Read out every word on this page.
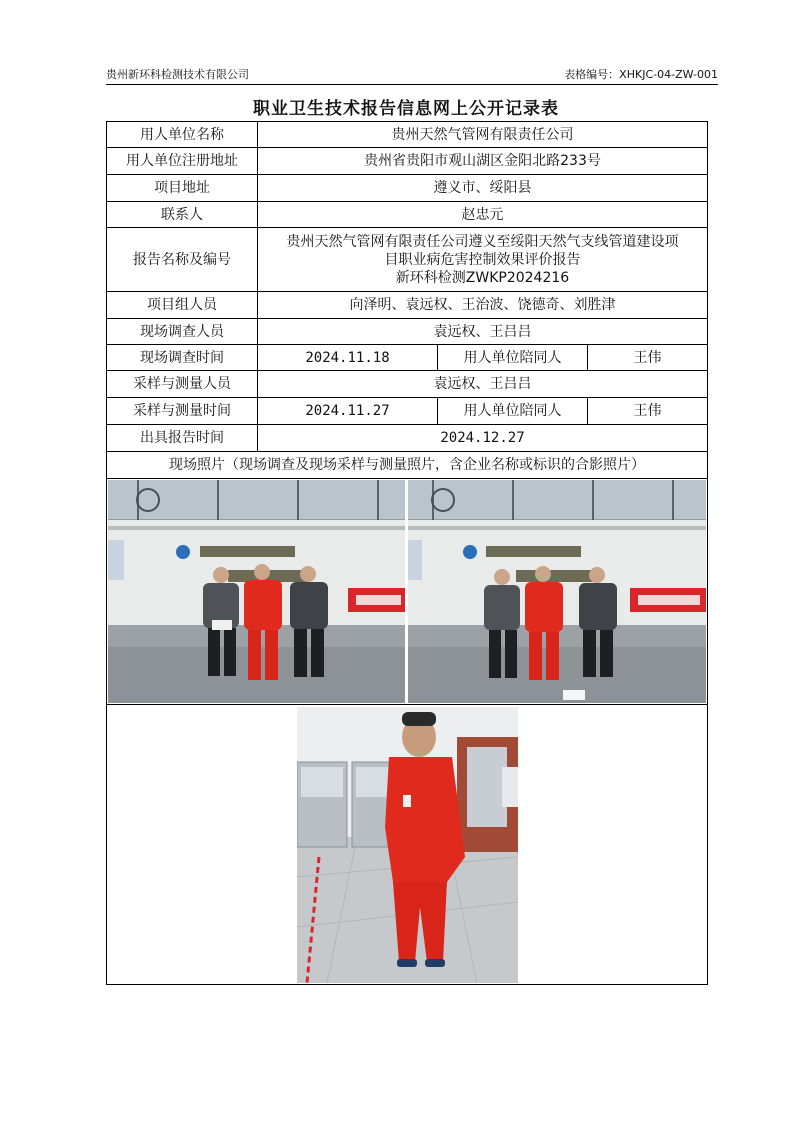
贵州新环科检测技术有限公司	表格编号：XHKJC-04-ZW-001
职业卫生技术报告信息网上公开记录表
用人单位名称	贵州天然气管网有限责任公司		
用人单位注册地址	贵州省贵阳市观山湖区金阳北路233号		
项目地址	遵义市、绥阳县		
联系人	赵忠元		
报告名称及编号	贵州天然气管网有限责任公司遵义至绥阳天然气支线管道建设项
目职业病危害控制效果评价报告
新环科检测ZWKP2024216		

项目组人员	向泽明、袁远权、王治波、饶德奇、刘胜津		
现场调查人员	袁远权、王吕吕		
现场调查时间	2024.11.18	用人单位陪同人	王伟
采样与测量人员	袁远权、王吕吕		
采样与测量时间	2024.11.27	用人单位陪同人	王伟
出具报告时间	2024.12.27		
现场照片（现场调查及现场采样与测量照片，含企业名称或标识的合影照片）			
